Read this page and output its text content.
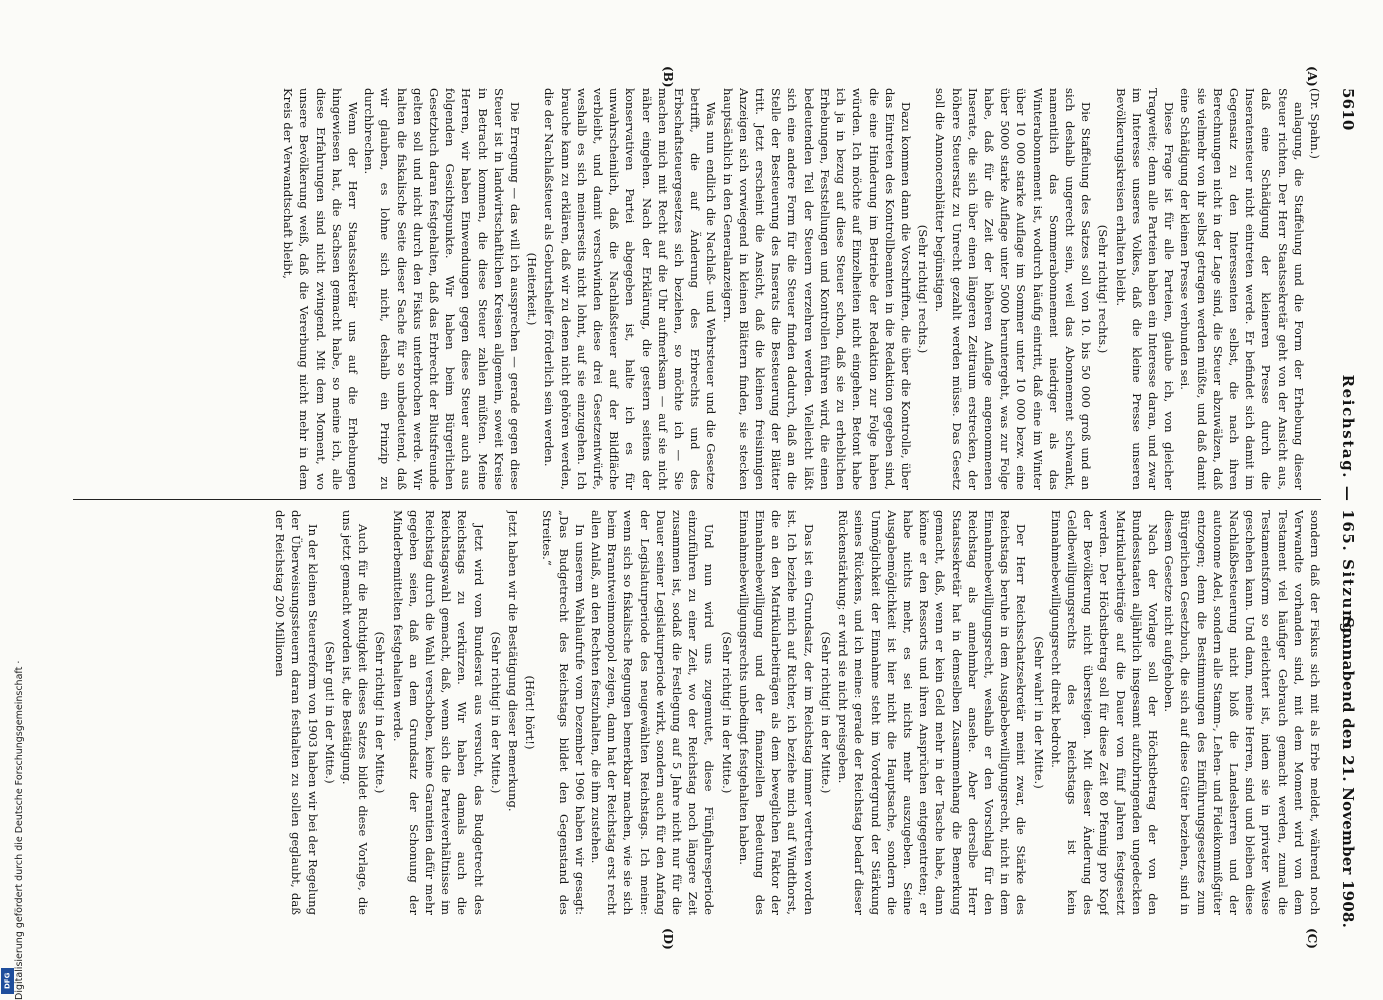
5610
Reichstag. — 165. Sitzung.
Sonnabend den 21. November 1908.
(A)
(B)
(C)
(D)

(Dr. Spahn.)

anlagung, die Staffelung und die Form der Erhebung dieser Steuer richten. Der Herr Staatssekretär geht von der Ansicht aus, daß eine Schädigung der kleineren Presse durch die Inseratensteuer nicht eintreten werde. Er befindet sich damit im Gegensatz zu den Interessenten selbst, die nach ihren Berechnungen nicht in der Lage sind, die Steuer abzuwälzen, daß sie vielmehr von ihr selbst getragen werden müßte, und daß damit eine Schädigung der kleinen Presse verbunden sei.

Diese Frage ist für alle Parteien, glaube ich, von gleicher Tragweite; denn alle Parteien haben ein Interesse daran, und zwar im Interesse unseres Volkes, daß die kleine Presse unseren Bevölkerungskreisen erhalten bleibt.

(Sehr richtig! rechts.)

Die Staffelung des Satzes soll von 10. bis 50 000 groß und an sich deshalb ungerecht sein, weil das Abonnement schwankt, namentlich das Sommerabonnement niedriger als das Winterabonnement ist, wodurch häufig eintritt, daß eine im Winter über 10 000 starke Auflage im Sommer unter 10 000 bezw. eine über 5000 starke Auflage unter 5000 heruntergeht, was zur Folge habe, daß für die Zeit der höheren Auflage angenommenen Inserate, die sich über einen längeren Zeitraum erstrecken, der höhere Steuersatz zu Unrecht gezahlt werden müsse. Das Gesetz soll die Annoncenblätter begünstigen.

(Sehr richtig! rechts.)

Dazu kommen dann die Vorschriften, die über die Kontrolle, über das Eintreten des Kontrollbeamten in die Redaktion gegeben sind, die eine Hinderung im Betriebe der Redaktion zur Folge haben würden. Ich möchte auf Einzelheiten nicht eingehen. Betont habe ich ja in bezug auf diese Steuer schon, daß sie zu erheblichen Erhebungen, Feststellungen und Kontrollen führen wird, die einen bedeutenden Teil der Steuern verzehren werden. Vielleicht läßt sich eine andere Form für die Steuer finden dadurch, daß an die Stelle der Besteuerung des Inserats die Besteuerung der Blätter tritt. Jetzt erscheint die Ansicht, daß die kleinen freisinnigen Anzeigen sich vorwiegend in kleinen Blättern finden, sie stecken hauptsächlich in den Generalanzeigern.

Was nun endlich die Nachlaß- und Wehrsteuer und die Gesetze betrifft, die auf Änderung des Erbrechts und des Erbschaftsteuergesetzes sich beziehen, so möchte ich — Sie machen mich mit Recht auf die Uhr aufmerksam — auf sie nicht näher eingehen. Nach der Erklärung, die gestern seitens der konservativen Partei abgegeben ist, halte ich es für unwahrscheinlich, daß die Nachlaßsteuer auf der Bildfläche verbleibt, und damit verschwinden diese drei Gesetzentwürfe, weshalb es sich meinerseits nicht lohnt, auf sie einzugehen. Ich brauche kann zu erklären, daß wir zu denen nicht gehören werden, die der Nachlaßsteuer als Geburtshelfer förderlich sein werden.

(Heiterkeit.)

Die Erregung — das will ich aussprechen — gerade gegen diese Steuer ist in landwirtschaftlichen Kreisen allgemein, soweit Kreise in Betracht kommen, die diese Steuer zahlen müßten. Meine Herren, wir haben Einwendungen gegen diese Steuer auch aus folgenden Gesichtspunkte. Wir haben beim Bürgerlichen Gesetzbuch daran festgehalten, daß das Erbrecht der Blutsfreunde gelten soll und nicht durch den Fiskus unterbrochen werde. Wir halten die fiskalische Seite dieser Sache für so unbedeutend, daß wir glauben, es lohne sich nicht, deshalb ein Prinzip zu durchbrechen.

Wenn der Herr Staatssekretär uns auf die Erhebungen hingewiesen hat, die Sachsen gemacht habe, so meine ich, alle diese Erfahrungen sind nicht zwingend. Mit dem Moment, wo unsere Bevölkerung weiß, daß die Vererbung nicht mehr in dem Kreis der Verwandtschaft bleibt,

sondern daß der Fiskus sich mit als Erbe meldet, während noch Verwandte vorhanden sind, mit dem Moment wird von dem Testament viel häufiger Gebrauch gemacht werden, zumal die Testamentsform so erleichtert ist, indem sie in privater Weise geschehen kann. Und dann, meine Herren, sind und bleiben diese Nachlaßbesteuerung nicht bloß die Landesherren und der autonome Adel, sondern alle Stamm-, Lehen- und Fideikommißgüter entzogen; denn die Bestimmungen des Einführungsgesetzes zum Bürgerlichen Gesetzbuch, die sich auf diese Güter beziehen, sind in diesem Gesetze nicht aufgehoben.

Nach der Vorlage soll der Höchstbetrag der von den Bundesstaaten alljährlich insgesamt aufzubringenden ungedeckten Matrikularbeiträge auf die Dauer von fünf Jahren festgesetzt werden. Der Höchstbetrag soll für diese Zeit 80 Pfennig pro Kopf der Bevölkerung nicht übersteigen. Mit dieser Änderung des Geldbewilligungsrechts des Reichstags ist kein Einnahmebewilligungsrecht direkt bedroht.

(Sehr wahr! in der Mitte.)

Der Herr Reichsschatzsekretär meint zwar, die Stärke des Reichstags beruhe in dem Ausgabebewilligungsrecht, nicht in dem Einnahmebewilligungsrecht, weshalb er den Vorschlag für den Reichstag als annehmbar ansehe. Aber derselbe Herr Staatssekretär hat in demselben Zusammenhang die Bemerkung gemacht, daß, wenn er kein Geld mehr in der Tasche habe, dann könne er den Ressorts und ihren Ansprüchen entgegentreten; er habe nichts mehr, es sei nichts mehr auszugeben. Seine Ausgabemöglichkeit ist hier nicht die Hauptsache, sondern die Unmöglichkeit der Einnahme steht im Vordergrund der Stärkung seines Rückens, und ich meine: gerade der Reichstag bedarf dieser Rückenstärkung; er wird sie nicht preisgeben.

(Sehr richtig! in der Mitte.)

Das ist ein Grundsatz, der im Reichstag immer vertreten worden ist. Ich beziehe mich auf Richter, ich beziehe mich auf Windthorst, die an den Matrikularbeiträgen als dem beweglichen Faktor der Einnahmebewilligung und der finanziellen Bedeutung des Einnahmebewilligungsrechts unbedingt festgehalten haben.

(Sehr richtig! in der Mitte.)

Und nun wird uns zugemutet, diese Fünfjahresperiode einzuführen zu einer Zeit, wo der Reichstag noch längere Zeit zusammen ist, sodaß die Festlegung auf 5 Jahre nicht nur für die Dauer seiner Legislaturperiode wirkt, sondern auch für den Anfang der Legislaturperiode des neugewählten Reichstags. Ich meine: wenn sich so fiskalische Regungen bemerkbar machen, wie sie sich beim Branntweinmonopol zeigen, dann hat der Reichstag erst recht allen Anlaß, an den Rechten festzuhalten, die ihm zustehen.

In unserem Wahlaufrufe vom Dezember 1906 haben wir gesagt: „Das Budgetrecht des Reichstags bildet den Gegenstand des Streites.“

(Hört! hört!)

Jetzt haben wir die Bestätigung dieser Bemerkung.

(Sehr richtig! in der Mitte.)

Jetzt wird vom Bundesrat aus versucht, das Budgetrecht des Reichstags zu verkürzen. Wir haben damals auch die Reichstagswahl gemacht, daß, wenn sich die Parteiverhältnisse im Reichstag durch die Wahl verschoben, keine Garantien dafür mehr gegeben seien, daß an dem Grundsatz der Schonung der Minderbemittelten festgehalten werde.

(Sehr richtig! in der Mitte.)

Auch für die Richtigkeit dieses Satzes bildet diese Vorlage, die uns jetzt gemacht worden ist, die Bestätigung.

(Sehr gut! in der Mitte.)

In der kleinen Steuerreform von 1903 haben wir bei der Regelung der Überweisungssteuern daran festhalten zu sollen geglaubt, daß der Reichstag 200 Millionen

DFG Digitalisierung gefördert durch die Deutsche Forschungsgemeinschaft ·
